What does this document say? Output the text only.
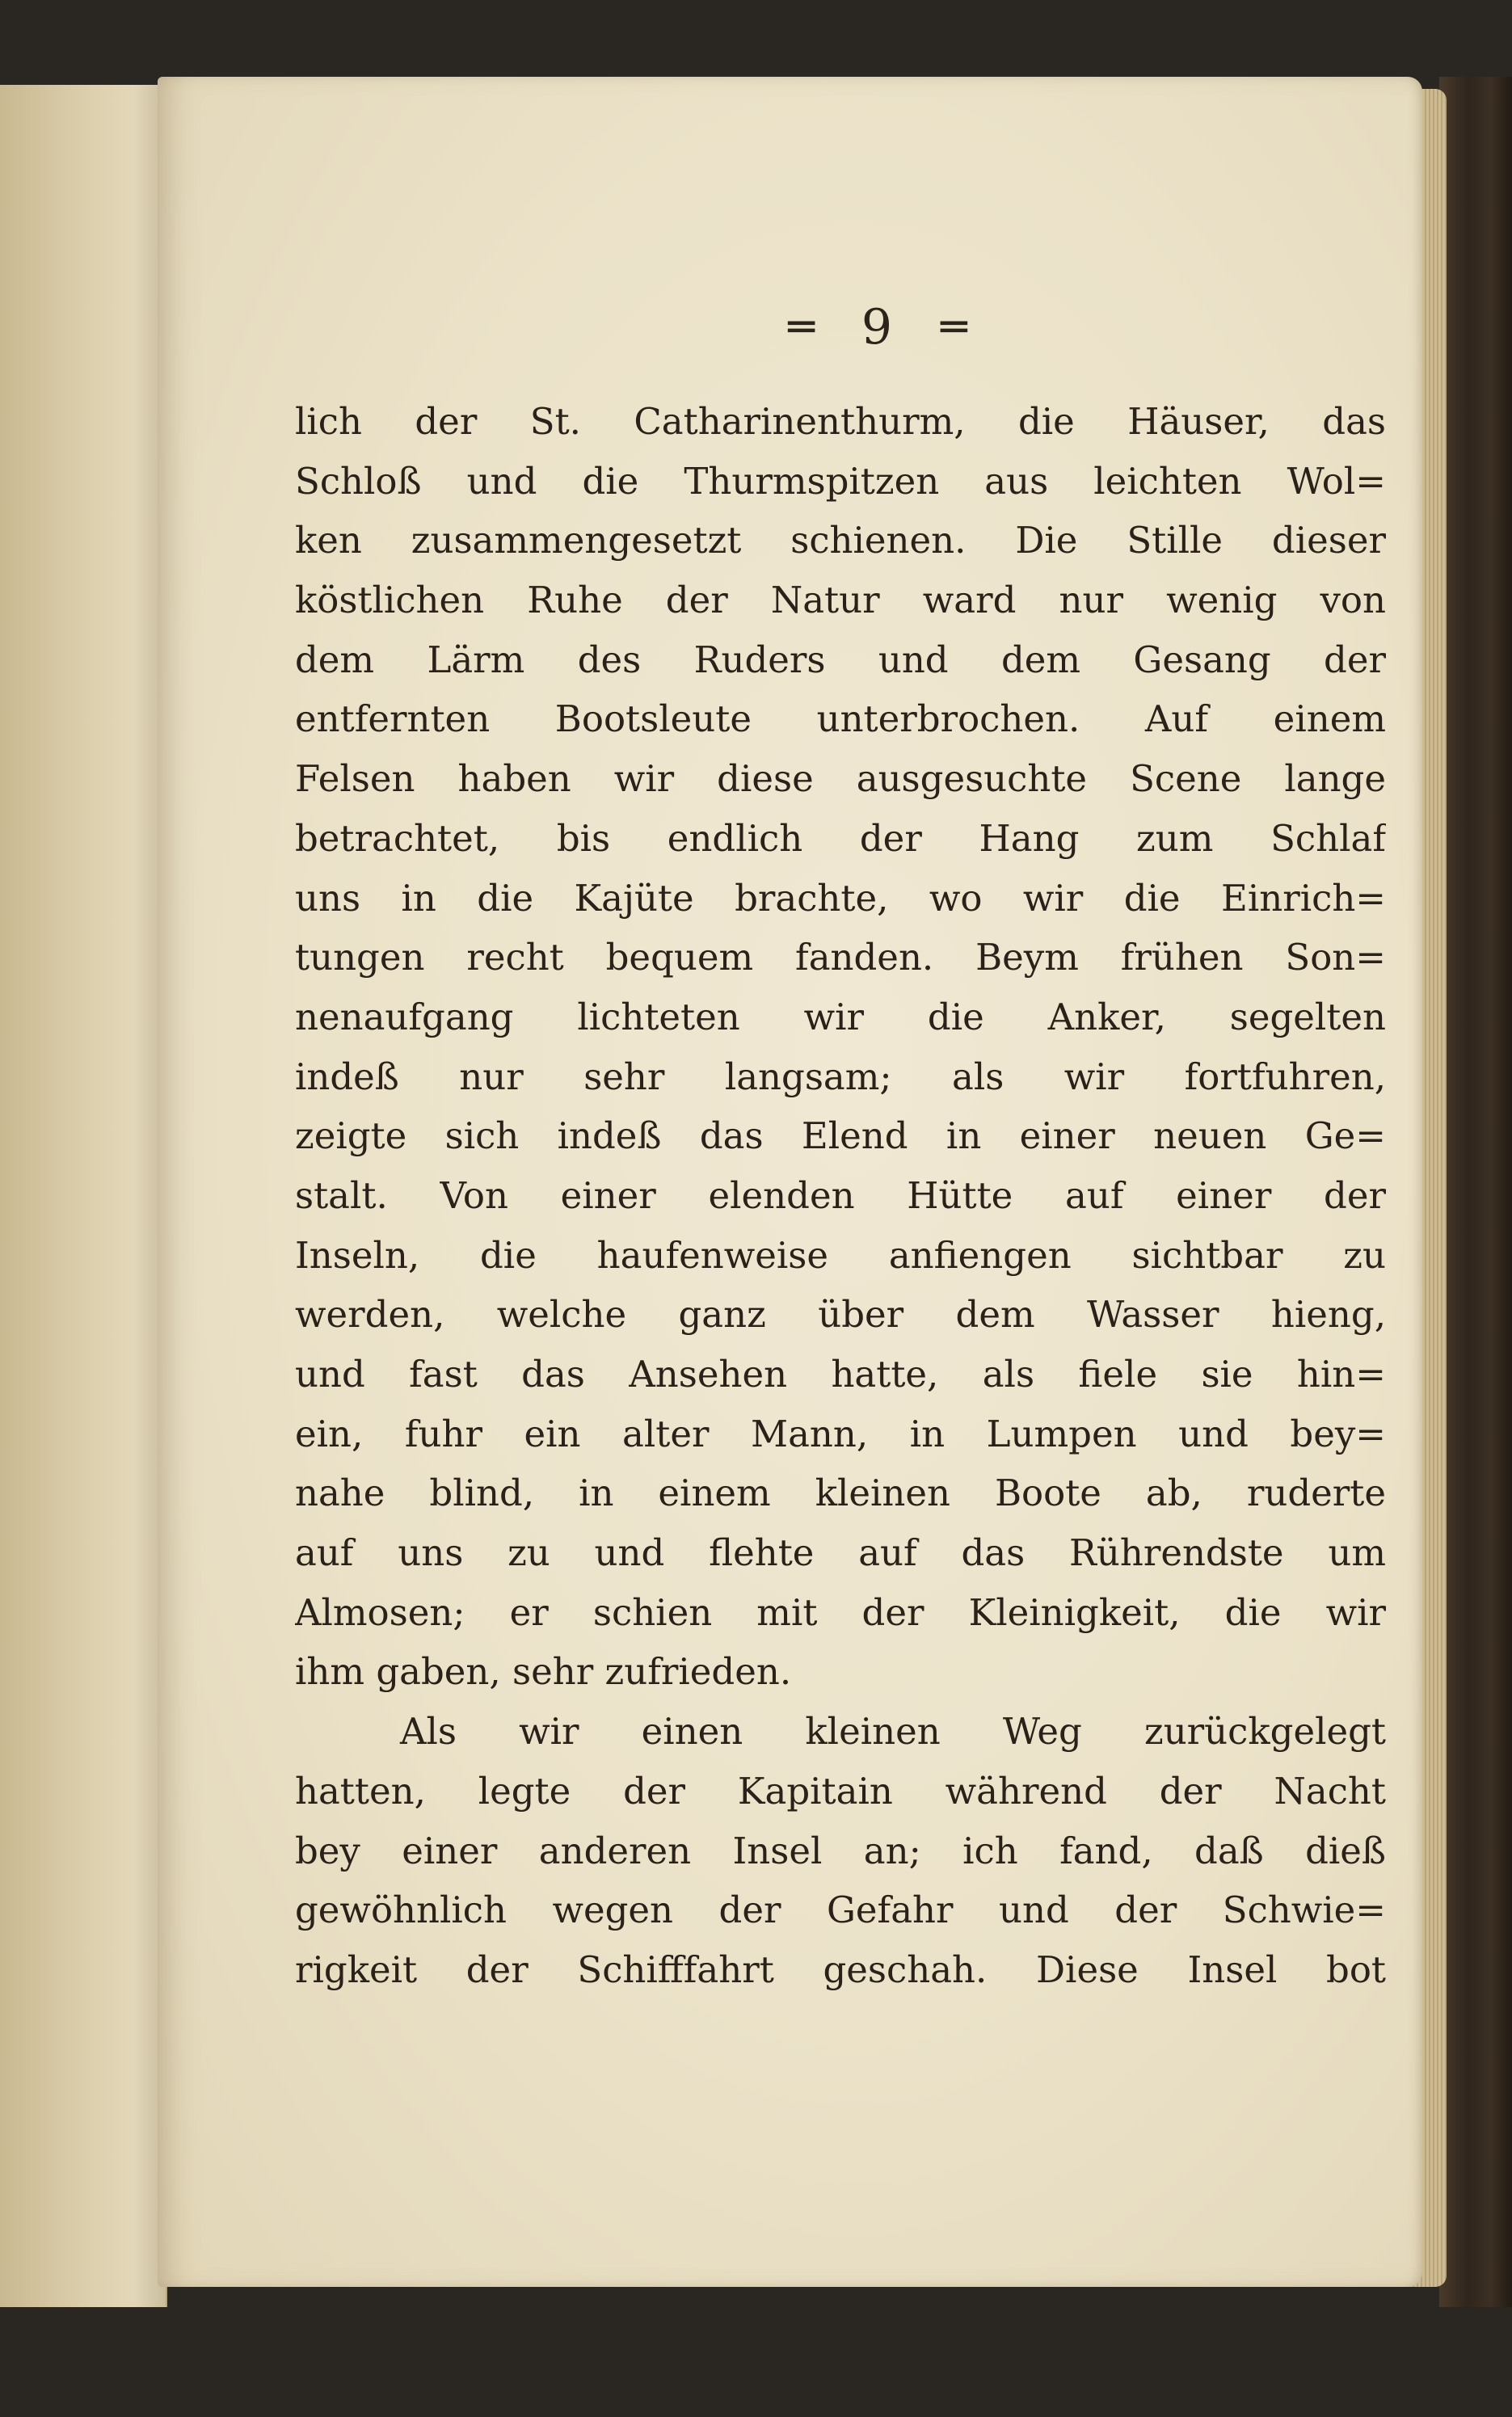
═ 9 ═
lich der St. Catharinenthurm, die Häuser, das
Schloß und die Thurmspitzen aus leichten Wol=
ken zusammengesetzt schienen. Die Stille dieser
köstlichen Ruhe der Natur ward nur wenig von
dem Lärm des Ruders und dem Gesang der
entfernten Bootsleute unterbrochen. Auf einem
Felsen haben wir diese ausgesuchte Scene lange
betrachtet, bis endlich der Hang zum Schlaf
uns in die Kajüte brachte, wo wir die Einrich=
tungen recht bequem fanden. Beym frühen Son=
nenaufgang lichteten wir die Anker, segelten
indeß nur sehr langsam; als wir fortfuhren,
zeigte sich indeß das Elend in einer neuen Ge=
stalt. Von einer elenden Hütte auf einer der
Inseln, die haufenweise anfiengen sichtbar zu
werden, welche ganz über dem Wasser hieng,
und fast das Ansehen hatte, als fiele sie hin=
ein, fuhr ein alter Mann, in Lumpen und bey=
nahe blind, in einem kleinen Boote ab, ruderte
auf uns zu und flehte auf das Rührendste um
Almosen; er schien mit der Kleinigkeit, die wir
ihm gaben, sehr zufrieden.
Als wir einen kleinen Weg zurückgelegt
hatten, legte der Kapitain während der Nacht
bey einer anderen Insel an; ich fand, daß dieß
gewöhnlich wegen der Gefahr und der Schwie=
rigkeit der Schifffahrt geschah. Diese Insel bot
